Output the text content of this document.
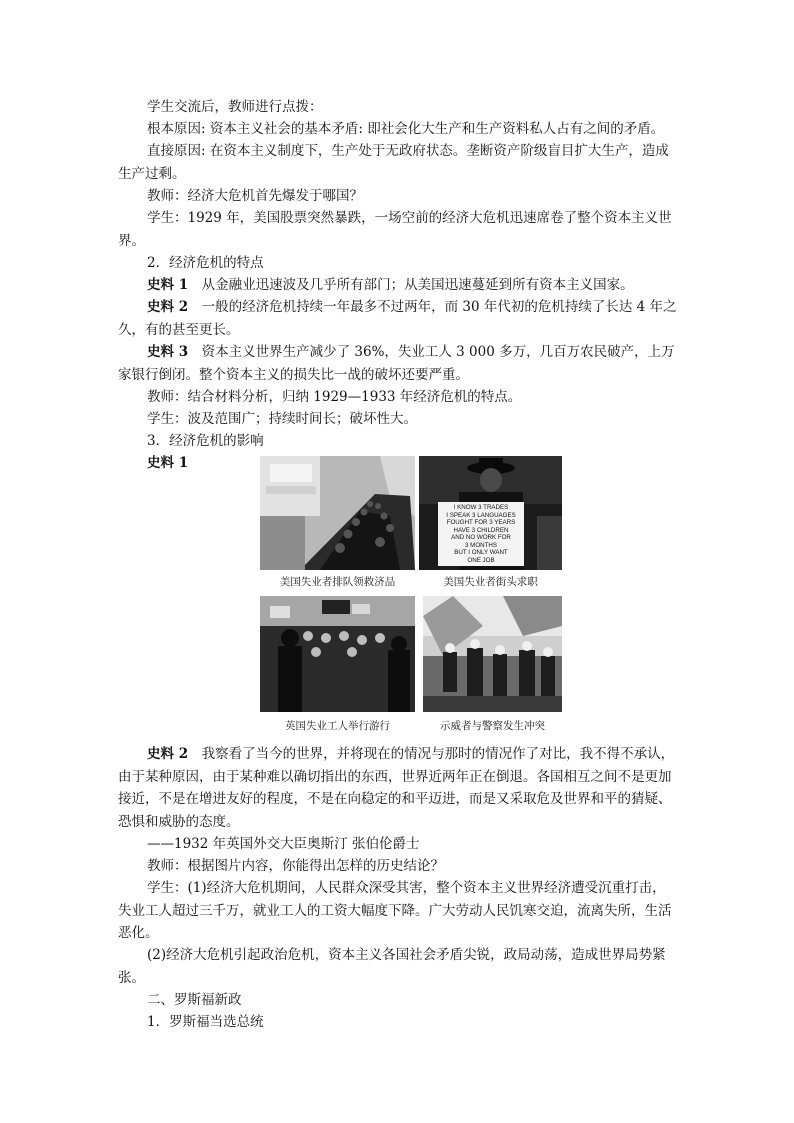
学生交流后，教师进行点拨：
根本原因: 资本主义社会的基本矛盾: 即社会化大生产和生产资料私人占有之间的矛盾。
直接原因: 在资本主义制度下，生产处于无政府状态。垄断资产阶级盲目扩大生产，造成生产过剩。
教师：经济大危机首先爆发于哪国？
学生：1929 年，美国股票突然暴跌，一场空前的经济大危机迅速席卷了整个资本主义世界。
2．经济危机的特点
史料 1　从金融业迅速波及几乎所有部门；从美国迅速蔓延到所有资本主义国家。
史料 2　一般的经济危机持续一年最多不过两年，而 30 年代初的危机持续了长达 4 年之久，有的甚至更长。
史料 3　资本主义世界生产减少了 36%，失业工人 3 000 多万，几百万农民破产，上万家银行倒闭。整个资本主义的损失比一战的破坏还要严重。
教师：结合材料分析，归纳 1929—1933 年经济危机的特点。
学生：波及范围广；持续时间长；破坏性大。
3．经济危机的影响
史料 1
I KNOW 3 TRADES
I SPEAK 3 LANGUAGES
FOUGHT FOR 3 YEARS
HAVE 3 CHILDREN
AND NO WORK FOR
3 MONTHS
BUT I ONLY WANT
ONE JOB
美国失业者排队领救济品	美国失业者街头求职
英国失业工人举行游行	示威者与警察发生冲突
史料 2　我察看了当今的世界，并将现在的情况与那时的情况作了对比，我不得不承认，由于某种原因，由于某种难以确切指出的东西，世界近两年正在倒退。各国相互之间不是更加接近，不是在增进友好的程度，不是在向稳定的和平迈进，而是又采取危及世界和平的猜疑、恐惧和威胁的态度。
——1932 年英国外交大臣奥斯汀 张伯伦爵士
教师：根据图片内容，你能得出怎样的历史结论？
学生：(1)经济大危机期间，人民群众深受其害，整个资本主义世界经济遭受沉重打击，失业工人超过三千万，就业工人的工资大幅度下降。广大劳动人民饥寒交迫，流离失所，生活恶化。
(2)经济大危机引起政治危机，资本主义各国社会矛盾尖锐，政局动荡，造成世界局势紧张。
二、罗斯福新政
1．罗斯福当选总统
